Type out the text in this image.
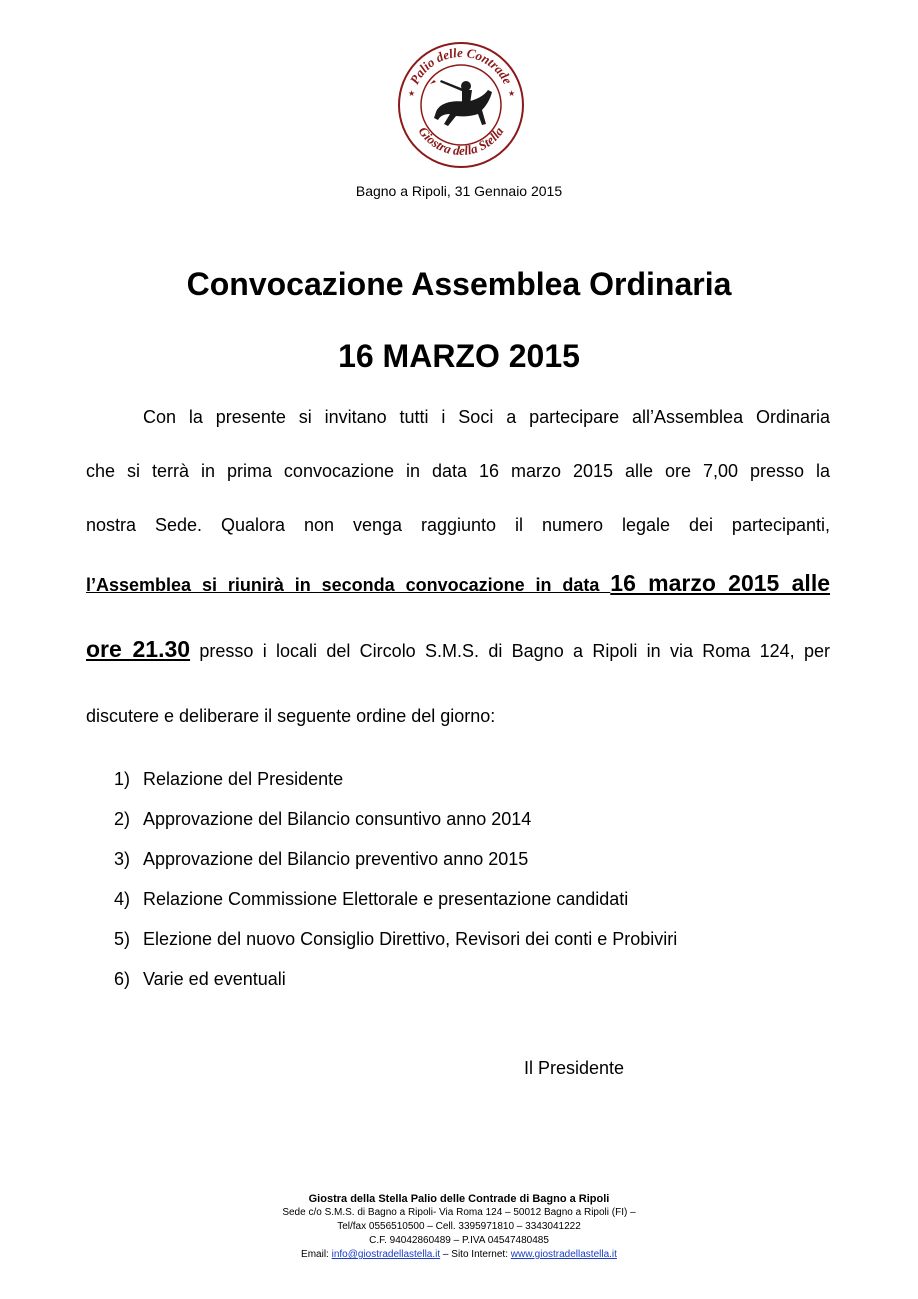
Palio delle Contrade
Giostra della Stella
★	★
Bagno a Ripoli, 31 Gennaio 2015
Convocazione Assemblea Ordinaria
16 MARZO 2015
Con la presente si invitano tutti i Soci a partecipare all’Assemblea Ordinaria
che si terrà in prima convocazione in data 16 marzo 2015 alle ore 7,00 presso la
nostra Sede. Qualora non venga raggiunto il numero legale dei partecipanti,
l’Assemblea si riunirà in seconda convocazione in data 16 marzo 2015 alle
ore 21.30 presso i locali del Circolo S.M.S. di Bagno a Ripoli in via Roma 124, per
discutere e deliberare il seguente ordine del giorno:
1) Relazione del Presidente
2) Approvazione del Bilancio consuntivo anno 2014
3) Approvazione del Bilancio preventivo anno 2015
4) Relazione Commissione Elettorale e presentazione candidati
5) Elezione del nuovo Consiglio Direttivo, Revisori dei conti e Probiviri
6) Varie ed eventuali
Il Presidente
Giostra della Stella Palio delle Contrade di Bagno a Ripoli
Sede c/o S.M.S. di Bagno a Ripoli- Via Roma 124 – 50012 Bagno a Ripoli (FI) –
Tel/fax 0556510500 – Cell. 3395971810 – 3343041222
C.F. 94042860489 – P.IVA 04547480485
Email: info@giostradellastella.it – Sito Internet: www.giostradellastella.it
